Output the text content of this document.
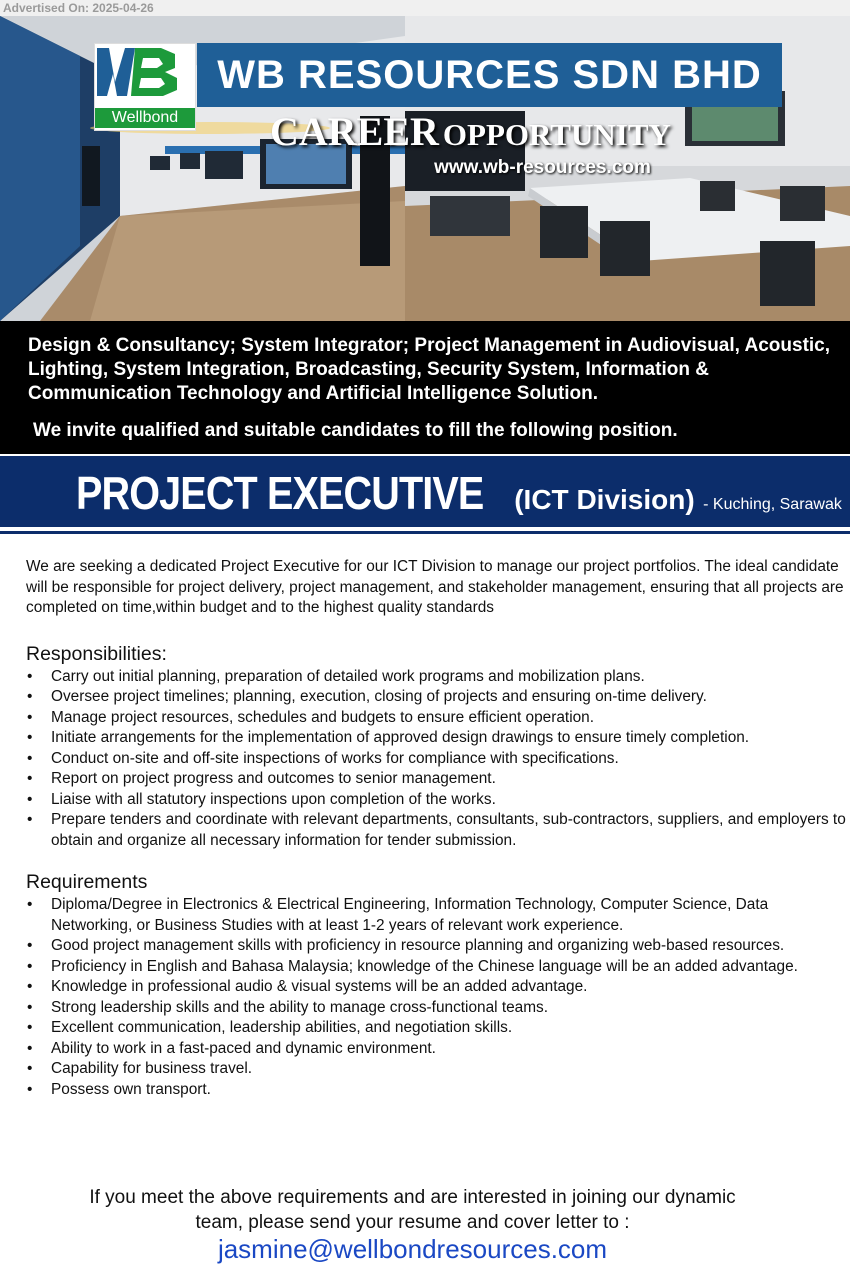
Advertised On: 2025-04-26
Wellbond
WB RESOURCES SDN BHD
CAREER OPPORTUNITY
www.wb-resources.com
Design & Consultancy; System Integrator; Project Management in Audiovisual, Acoustic, Lighting, System Integration, Broadcasting, Security System, Information & Communication Technology and Artificial Intelligence Solution.
We invite qualified and suitable candidates to fill the following position.
PROJECT EXECUTIVE (ICT Division) - Kuching, Sarawak

We are seeking a dedicated Project Executive for our ICT Division to manage our project portfolios. The ideal candidate will be responsible for project delivery, project management, and stakeholder management, ensuring that all projects are completed on time,within budget and to the highest quality standards

Responsibilities:
• Carry out initial planning, preparation of detailed work programs and mobilization plans.
• Oversee project timelines; planning, execution, closing of projects and ensuring on-time delivery.
• Manage project resources, schedules and budgets to ensure efficient operation.
• Initiate arrangements for the implementation of approved design drawings to ensure timely completion.
• Conduct on-site and off-site inspections of works for compliance with specifications.
• Report on project progress and outcomes to senior management.
• Liaise with all statutory inspections upon completion of the works.
• Prepare tenders and coordinate with relevant departments, consultants, sub-contractors, suppliers, and employers to obtain and organize all necessary information for tender submission.
Requirements
• Diploma/Degree in Electronics & Electrical Engineering, Information Technology, Computer Science, Data Networking, or Business Studies with at least 1-2 years of relevant work experience.
• Good project management skills with proficiency in resource planning and organizing web-based resources.
• Proficiency in English and Bahasa Malaysia; knowledge of the Chinese language will be an added advantage.
• Knowledge in professional audio & visual systems will be an added advantage.
• Strong leadership skills and the ability to manage cross-functional teams.
• Excellent communication, leadership abilities, and negotiation skills.
• Ability to work in a fast-paced and dynamic environment.
• Capability for business travel.
• Possess own transport.
If you meet the above requirements and are interested in joining our dynamic
team, please send your resume and cover letter to :
jasmine@wellbondresources.com
